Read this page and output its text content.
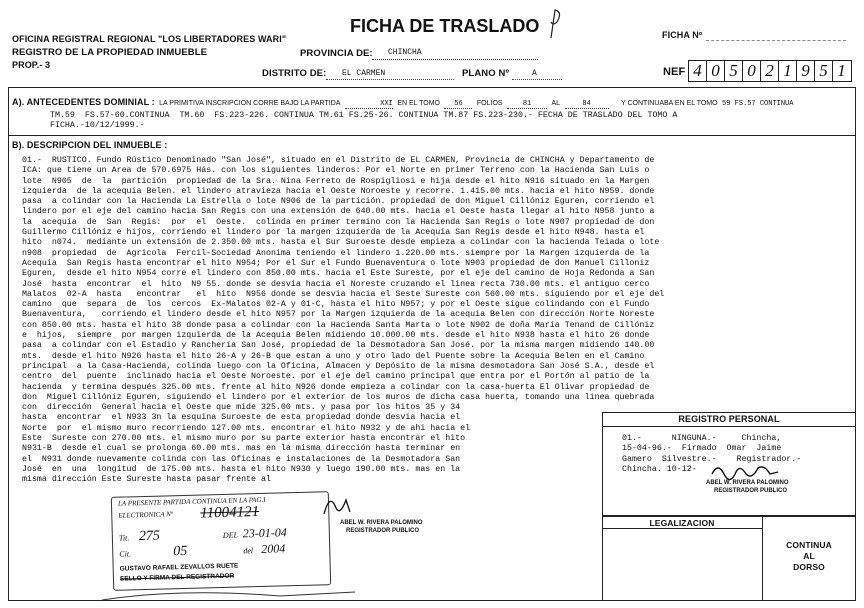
OFICINA REGISTRAL REGIONAL "LOS LIBERTADORES WARI"
REGISTRO DE LA PROPIEDAD INMUEBLE
PROP.- 3
FICHA DE TRASLADO	FICHA Nº
PROVINCIA DE: CHINCHA
DISTRITO DE: EL CARMEN	PLANO Nº	A	NEF 4 0 5 0 2 1 9 5 1
A). ANTECEDENTES DOMINIAL : LA PRIMITIVA INSCRIPCION CORRE BAJO LA PARTIDA	XXI EN EL TOMO 56 FOLIOS	81	AL	84	Y CONTINUABA EN EL TOMO 59 FS.57 CONTINUA
TM.59  FS.57-60.CONTINUA  TM.60  FS.223-226. CONTINUA TM.61 FS.25-26. CONTINUA TM.87 FS.223-230.- FECHA DE TRASLADO DEL TOMO A
FICHA.-10/12/1999.-
B). DESCRIPCION DEL INMUEBLE :
01.-  RUSTICO. Fundo Rústico Denominado "San José", situado en el Distrito de EL CARMEN, Provincia de CHINCHA y Departamento de
ICA: que tiene un Area de 570.6975 Hás. con los siguientes linderos: Por el Norte en primer Terreno con la Hacienda San Luis o
lote  N905  de  la  partición  propiedad de la Sra. Nina Ferreto de Rospigliosi e hija desde el hito N916 situado en la Margen
izquierda  de la acequia Belen. el lindero atravieza hacia el Oeste Noroeste y recorre. 1.415.00 mts. hacia el hito N959. donde
pasa  a colindar con la Hacienda La Estrella o lote N906 de la partición. propiedad de don Miguel Cillóniz Eguren, corriendo el
lindero por el eje del camino hacia San Regis con una extensión de 640.00 mts. hacia el Oeste hasta llegar al hito N958 junto a
la  acequia  de  San  Regis:  por  el  Oeste.  colinda en primer termino con la Hacienda San Regis o lote N907 propiedad de don
Guillermo Cillóniz e hijos, corriendo el lindero por la margen izquierda de la Acequia San Regis desde el hito N948. hasta el
hito  n074.  mediante un extensión de 2.350.00 mts. hasta el Sur Suroeste desde empieza a colindar con la hacienda Teiada o lote
n908  propiedad  de  Agricola  Fercil-Sociedad Anonima teniendo el lindero 1.220.00 mts. siempre por la Margen izquierda de la
Acequia  San Regis hasta encontrar el hito N954; Por el Sur el Fundo Buenaventura o lote N903 propiedad de don Manuel Cilloniz
Eguren,  desde el hito N954 corre el lindero con 850.00 mts. hacia el Este Sureste, por el eje del camino de Hoja Redonda a San
José  hasta  encontrar  el  hito  N9 55. donde se desvia hacia el Noreste cruzando el linea recta 730.00 mts. el antiguo cerco
Malatos  02-A  hasta   encontrar   el  hito  N956 donde se desvia hacia el Seste Sureste con 560.00 mts. siguiendo por el eje del
camino  que  separa  de  los  cercos  Ex-Malatos 02-A y 01-C, hasta el hito N957; y por el Oeste sigue colindando con el Fundo
Buenaventura,   corriendo el lindero desde el hito N957 por la Margen izquierda de la acequia Belen con dirección Norte Noreste
con 850.00 mts. hasta el hito 38 donde pasa a colindar con la Hacienda Santa Marta o lote N902 de doña María Tenand de Cillóniz
e  hijos,  siempre  por margen izquierda de la Acequia Belen midiendo 10.000.00 mts. desde el hito N938 hasta el hito 26 donde
pasa  a colindar con el Estadio y Ranchería San José, propiedad de la Desmotadora San José. por la misma margen midiendo 140.00
mts.  desde el hito N926 hasta el hito 26-A y 26-B que estan a uno y otro lado del Puente sobre la Acequia Belen en el Camino
principal  a la Casa-Hacienda, colinda luego con la Oficina, Almacen y Depósito de la misma desmotadora San José S.A., desde el
centro  del  puente  inclinado hacia el Oeste Noroeste. por el eje del camino principal que entra por el Portón al patio de la
hacienda  y termina después 325.00 mts. frente al hito N926 donde empieza a colindar con la casa-huerta El Olivar propiedad de
don  Miguel Cillóniz Eguren, siguiendo el lindero por el exterior de los muros de dicha casa huerta, tomando una linea quebrada
con  dirección  General hacia el Oeste que mide 325.00 mts. y pasa por los hitos 35 y 34
hasta  encontrar  el N933 3n la esquina Suroeste de esta propiedad donde desvia hacia el
Norte  por  el mismo muro recorriendo 127.00 mts. encontrar el hito N932 y de ahi hacia el
Este  Sureste con 270.00 mts. el mismo muro por su parte exterior hasta encontrar el hito
N931-B  desde el cual se prolonga 60.00 mts. mas en la misma dirección hasta terminar en
el  N931 donde nuevamente colinda con las Oficinas e instalaciones de la Desmotadora San
José  en  una  longitud  de 175.00 mts. hasta el hito N930 y luego 190.00 mts. mas en la
misma dirección Este Sureste hasta pasar frente al
REGISTRO PERSONAL
01.-      NINGUNA.-     Chincha,
15-04-96.-  Firmado  Omar  Jaime
Gamero  Silvestre.-    Registrador.-
Chincha. 10-12-
ABEL W. RIVERA PALOMINO
REGISTRADOR PUBLICO
LEGALIZACION
CONTINUA
AL
DORSO
LA PRESENTE PARTIDA CONTINUA EN LA PAG.I
ELECTRONICA Nº 11004121
Tit. 275	DEL 23-01-04
Cit.	05	del 2004
GUSTAVO RAFAEL ZEVALLOS RUETE
SELLO Y FIRMA DEL REGISTRADOR
ABEL W. RIVERA PALOMINO
REGISTRADOR PUBLICO
